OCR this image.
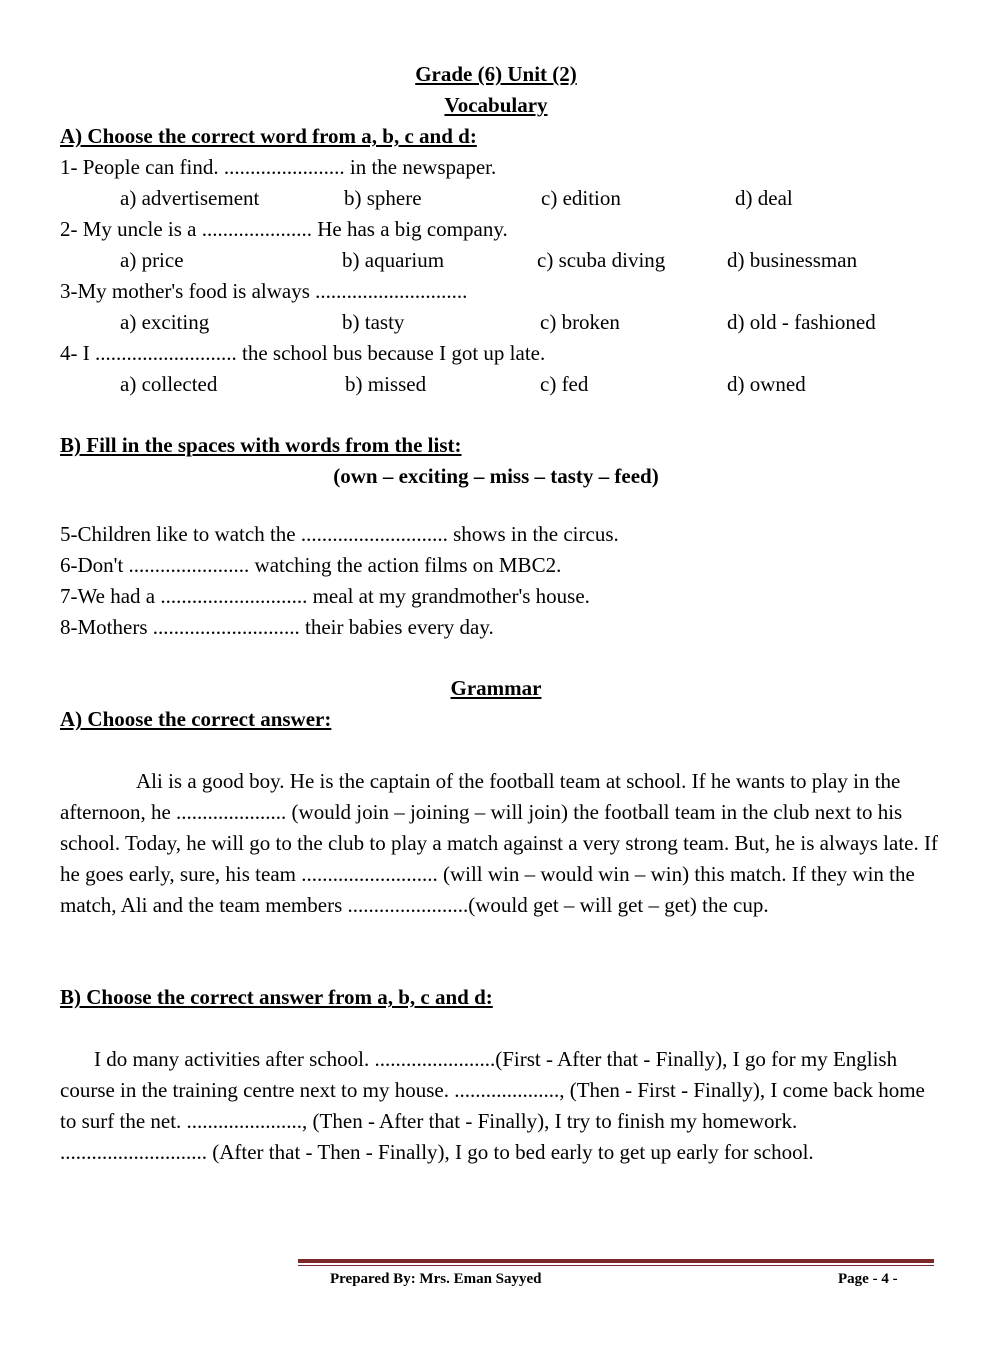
Grade (6) Unit (2)
Vocabulary
A) Choose the correct word from a, b, c and d:
1- People can find. ....................... in the newspaper.
a) advertisement	b) sphere	c) edition	d) deal
2- My uncle is a ..................... He has a big company.
a) price	b) aquarium	c) scuba diving	d) businessman
3-My mother's food is always .............................
a) exciting	b) tasty	c) broken	d) old - fashioned
4- I ........................... the school bus because I got up late.
a) collected	b) missed	c) fed	d) owned
B) Fill in the spaces with words from the list:
(own – exciting – miss – tasty – feed)
5-Children like to watch the ............................ shows in the circus.
6-Don't ....................... watching the action films on MBC2.
7-We had a ............................ meal at my grandmother's house.
8-Mothers ............................ their babies every day.
Grammar
A) Choose the correct answer:
Ali is a good boy. He is the captain of the football team at school. If he wants to play in the afternoon, he ..................... (would join – joining – will join) the football team in the club next to his school. Today, he will go to the club to play a match against a very strong team. But, he is always late. If he goes early, sure, his team .......................... (will win – would win – win) this match. If they win the match, Ali and the team members .......................(would get – will get – get) the cup.
B) Choose the correct answer from a, b, c and d:
I do many activities after school. .......................(First - After that - Finally), I go for my English course in the training centre next to my house. ...................., (Then - First - Finally), I come back home to surf the net. ......................, (Then - After that - Finally), I try to finish my homework. ............................ (After that - Then - Finally), I go to bed early to get up early for school.
Prepared By: Mrs. Eman Sayyed	Page - 4 -
